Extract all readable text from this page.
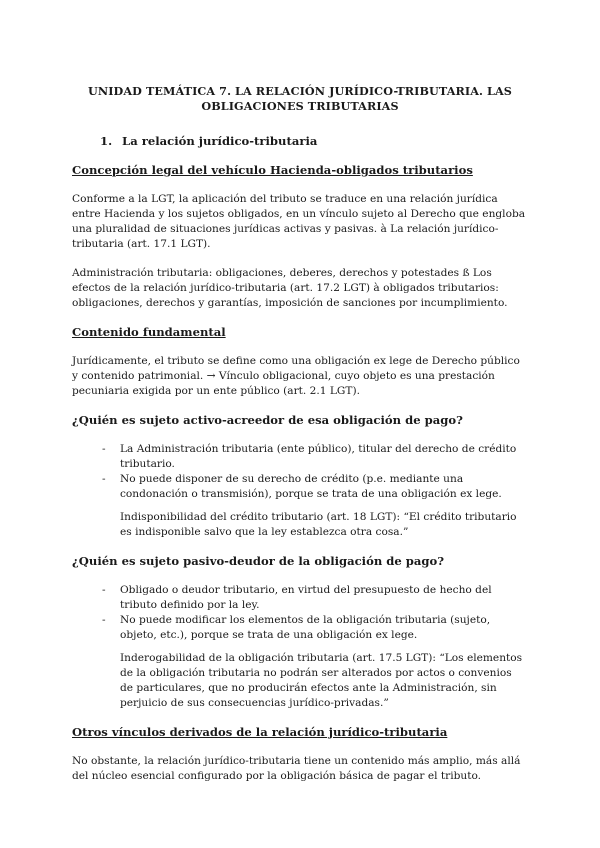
UNIDAD TEMÁTICA 7. LA RELACIÓN JURÍDICO-TRIBUTARIA. LAS OBLIGACIONES TRIBUTARIAS
1. La relación jurídico-tributaria
Concepción legal del vehículo Hacienda-obligados tributarios

Conforme a la LGT, la aplicación del tributo se traduce en una relación jurídica entre Hacienda y los sujetos obligados, en un vínculo sujeto al Derecho que engloba una pluralidad de situaciones jurídicas activas y pasivas. à La relación jurídico-tributaria (art. 17.1 LGT).

Administración tributaria: obligaciones, deberes, derechos y potestades ß Los efectos de la relación jurídico-tributaria (art. 17.2 LGT) à obligados tributarios: obligaciones, derechos y garantías, imposición de sanciones por incumplimiento.

Contenido fundamental

Jurídicamente, el tributo se define como una obligación ex lege de Derecho público y contenido patrimonial. → Vínculo obligacional, cuyo objeto es una prestación pecuniaria exigida por un ente público (art. 2.1 LGT).

¿Quién es sujeto activo-acreedor de esa obligación de pago?
- La Administración tributaria (ente público), titular del derecho de crédito tributario.
- No puede disponer de su derecho de crédito (p.e. mediante una condonación o transmisión), porque se trata de una obligación ex lege.

Indisponibilidad del crédito tributario (art. 18 LGT): “El crédito tributario es indisponible salvo que la ley establezca otra cosa.”

¿Quién es sujeto pasivo-deudor de la obligación de pago?
- Obligado o deudor tributario, en virtud del presupuesto de hecho del tributo definido por la ley.
- No puede modificar los elementos de la obligación tributaria (sujeto, objeto, etc.), porque se trata de una obligación ex lege.

Inderogabilidad de la obligación tributaria (art. 17.5 LGT): “Los elementos de la obligación tributaria no podrán ser alterados por actos o convenios de particulares, que no producirán efectos ante la Administración, sin perjuicio de sus consecuencias jurídico-privadas.”

Otros vínculos derivados de la relación jurídico-tributaria

No obstante, la relación jurídico-tributaria tiene un contenido más amplio, más allá del núcleo esencial configurado por la obligación básica de pagar el tributo.
